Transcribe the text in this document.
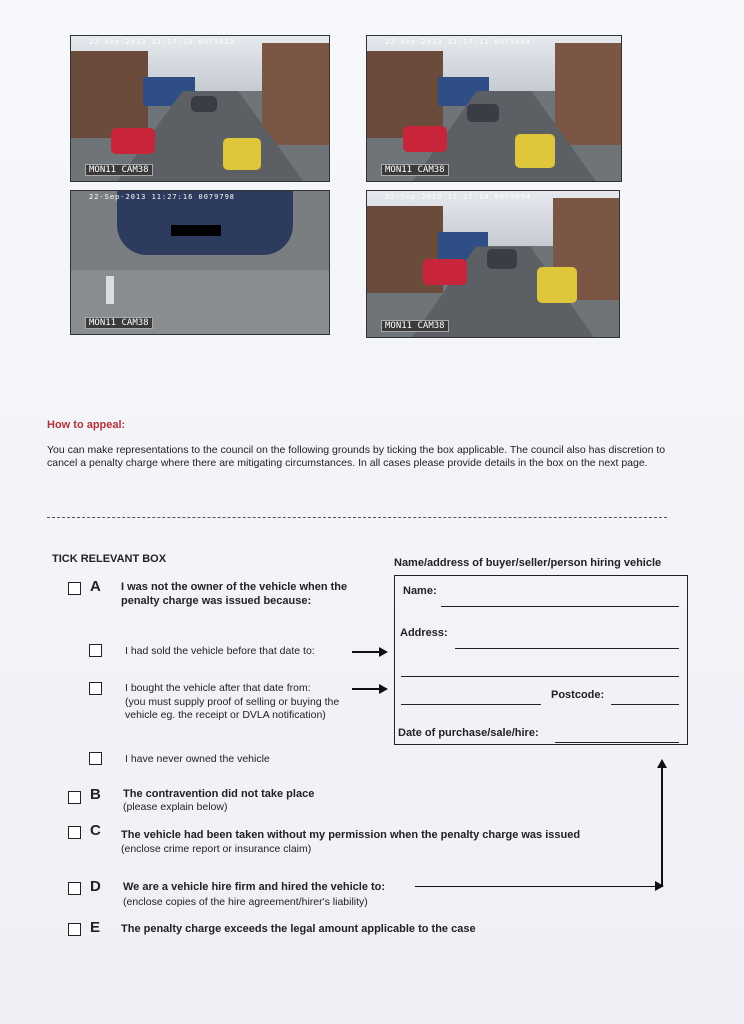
22-Sep-2013 11:27:16 0079522
MON11 CAM38
22-Sep-2013 11:27:11 0079604
MON11 CAM38
22-Sep-2013 11:27:16 0079798
MON11 CAM38
22-Sep-2013 11:27:14 0079694
MON11 CAM38
How to appeal:
You can make representations to the council on the following grounds by ticking the box applicable. The council also has discretion to cancel a penalty charge where there are mitigating circumstances. In all cases please provide details in the box on the next page.
TICK RELEVANT BOX	Name/address of buyer/seller/person hiring vehicle
A I was not the owner of the vehicle when the penalty charge was issued because:
I had sold the vehicle before that date to:
I bought the vehicle after that date from:
(you must supply proof of selling or buying the vehicle eg. the receipt or DVLA notification)
I have never owned the vehicle
Name:
Address:
Postcode:
Date of purchase/sale/hire:
B The contravention did not take place
(please explain below)
C The vehicle had been taken without my permission when the penalty charge was issued
(enclose crime report or insurance claim)
D We are a vehicle hire firm and hired the vehicle to:
(enclose copies of the hire agreement/hirer's liability)
E The penalty charge exceeds the legal amount applicable to the case
